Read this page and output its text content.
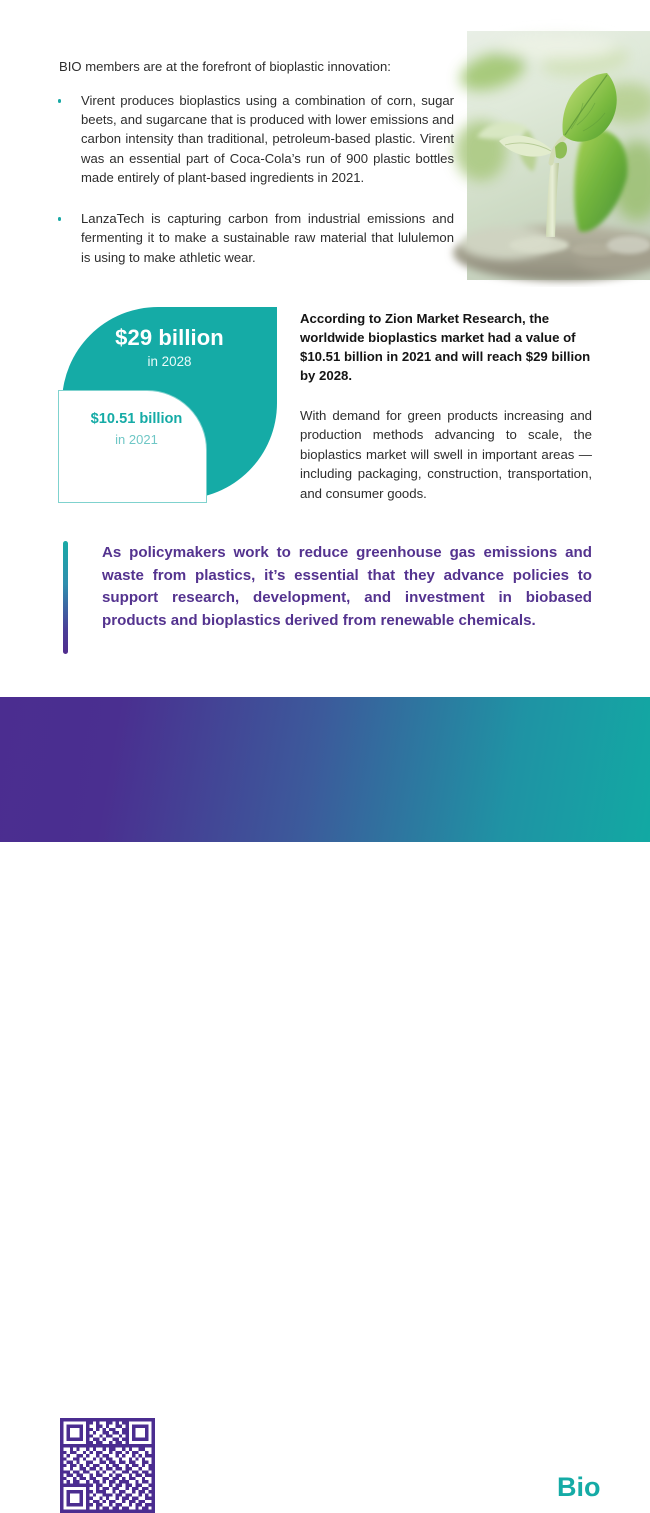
BIO members are at the forefront of bioplastic innovation:
Virent produces bioplastics using a combination of corn, sugar beets, and sugarcane that is produced with lower emissions and carbon intensity than traditional, petroleum-based plastic. Virent was an essential part of Coca-Cola’s run of 900 plastic bottles made entirely of plant-based ingredients in 2021.
LanzaTech is capturing carbon from industrial emissions and fermenting it to make a sustainable raw material that lululemon is using to make athletic wear.
$29 billion
in 2028
$10.51 billion
in 2021
According to Zion Market Research, the worldwide bioplastics market had a value of $10.51 billion in 2021 and will reach $29 billion by 2028.
With demand for green products increasing and production methods advancing to scale, the bioplastics market will swell in important areas — including packaging, construction, transportation, and consumer goods.
As policymakers work to reduce greenhouse gas emissions and waste from plastics, it’s essential that they advance policies to support research, development, and investment in biobased products and bioplastics derived from renewable chemicals.
Learn more about BIO’s work to advance other sustainable material solutions at BIO.org.	Bio
